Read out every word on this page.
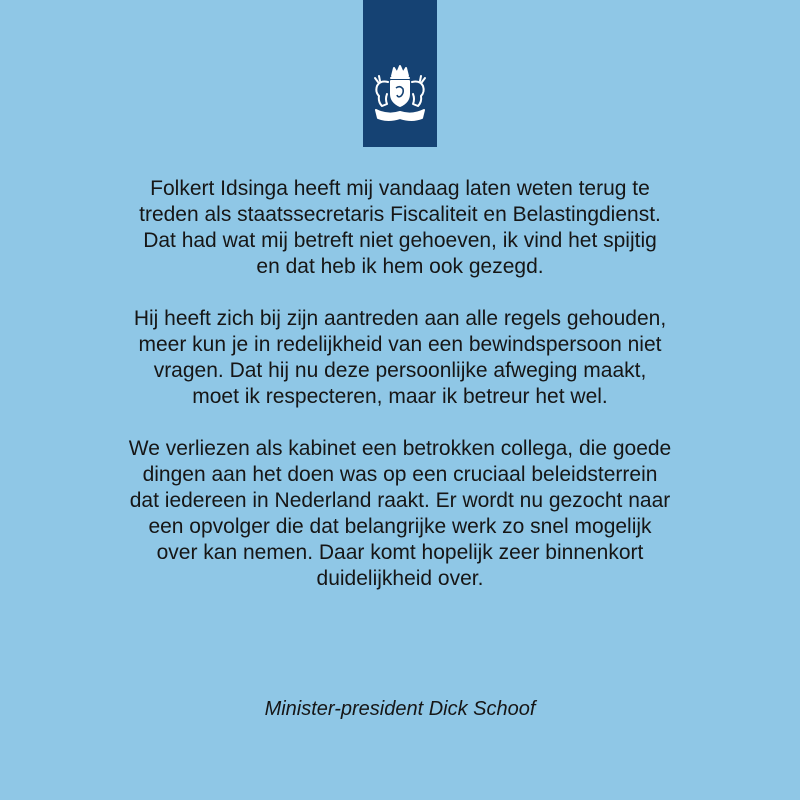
Folkert Idsinga heeft mij vandaag laten weten terug te
treden als staatssecretaris Fiscaliteit en Belastingdienst.
Dat had wat mij betreft niet gehoeven, ik vind het spijtig
en dat heb ik hem ook gezegd.

Hij heeft zich bij zijn aantreden aan alle regels gehouden,
meer kun je in redelijkheid van een bewindspersoon niet
vragen. Dat hij nu deze persoonlijke afweging maakt,
moet ik respecteren, maar ik betreur het wel.

We verliezen als kabinet een betrokken collega, die goede
dingen aan het doen was op een cruciaal beleidsterrein
dat iedereen in Nederland raakt. Er wordt nu gezocht naar
een opvolger die dat belangrijke werk zo snel mogelijk
over kan nemen. Daar komt hopelijk zeer binnenkort
duidelijkheid over.

Minister-president Dick Schoof
